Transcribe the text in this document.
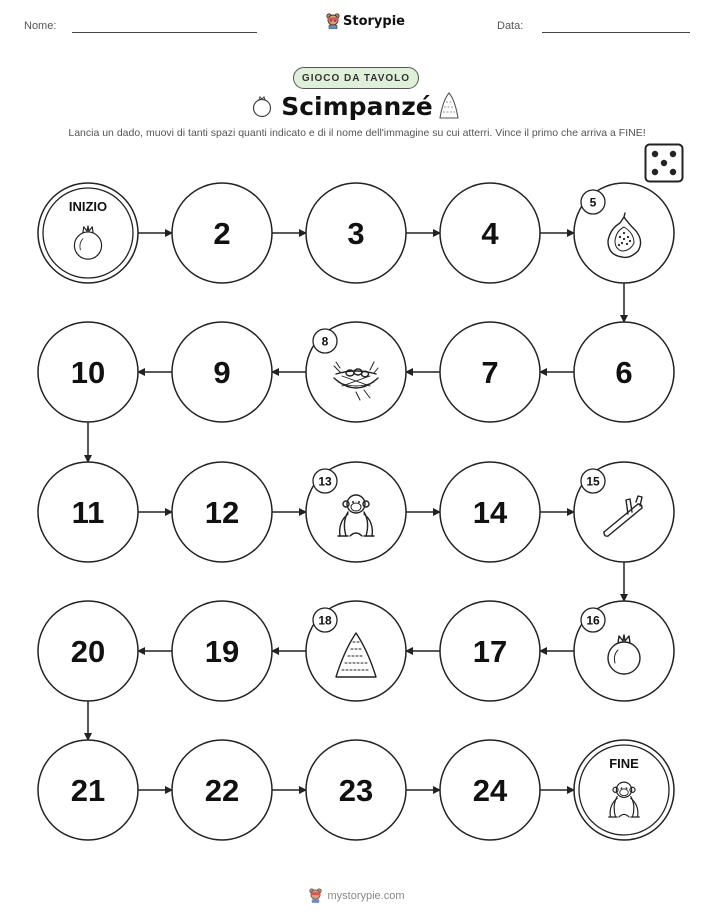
Nome:	Storypie	Data:
GIOCO DA TAVOLO
Scimpanzé
Lancia un dado, muovi di tanti spazi quanti indicato e di il nome dell'immagine su cui atterri. Vince il primo che arriva a FINE!
INIZIO
2	3	4
5
6
7
8
9
10
11	12
13
14
15
16
17
18
19
20
21	22	23	24
FINE
mystorypie.com
